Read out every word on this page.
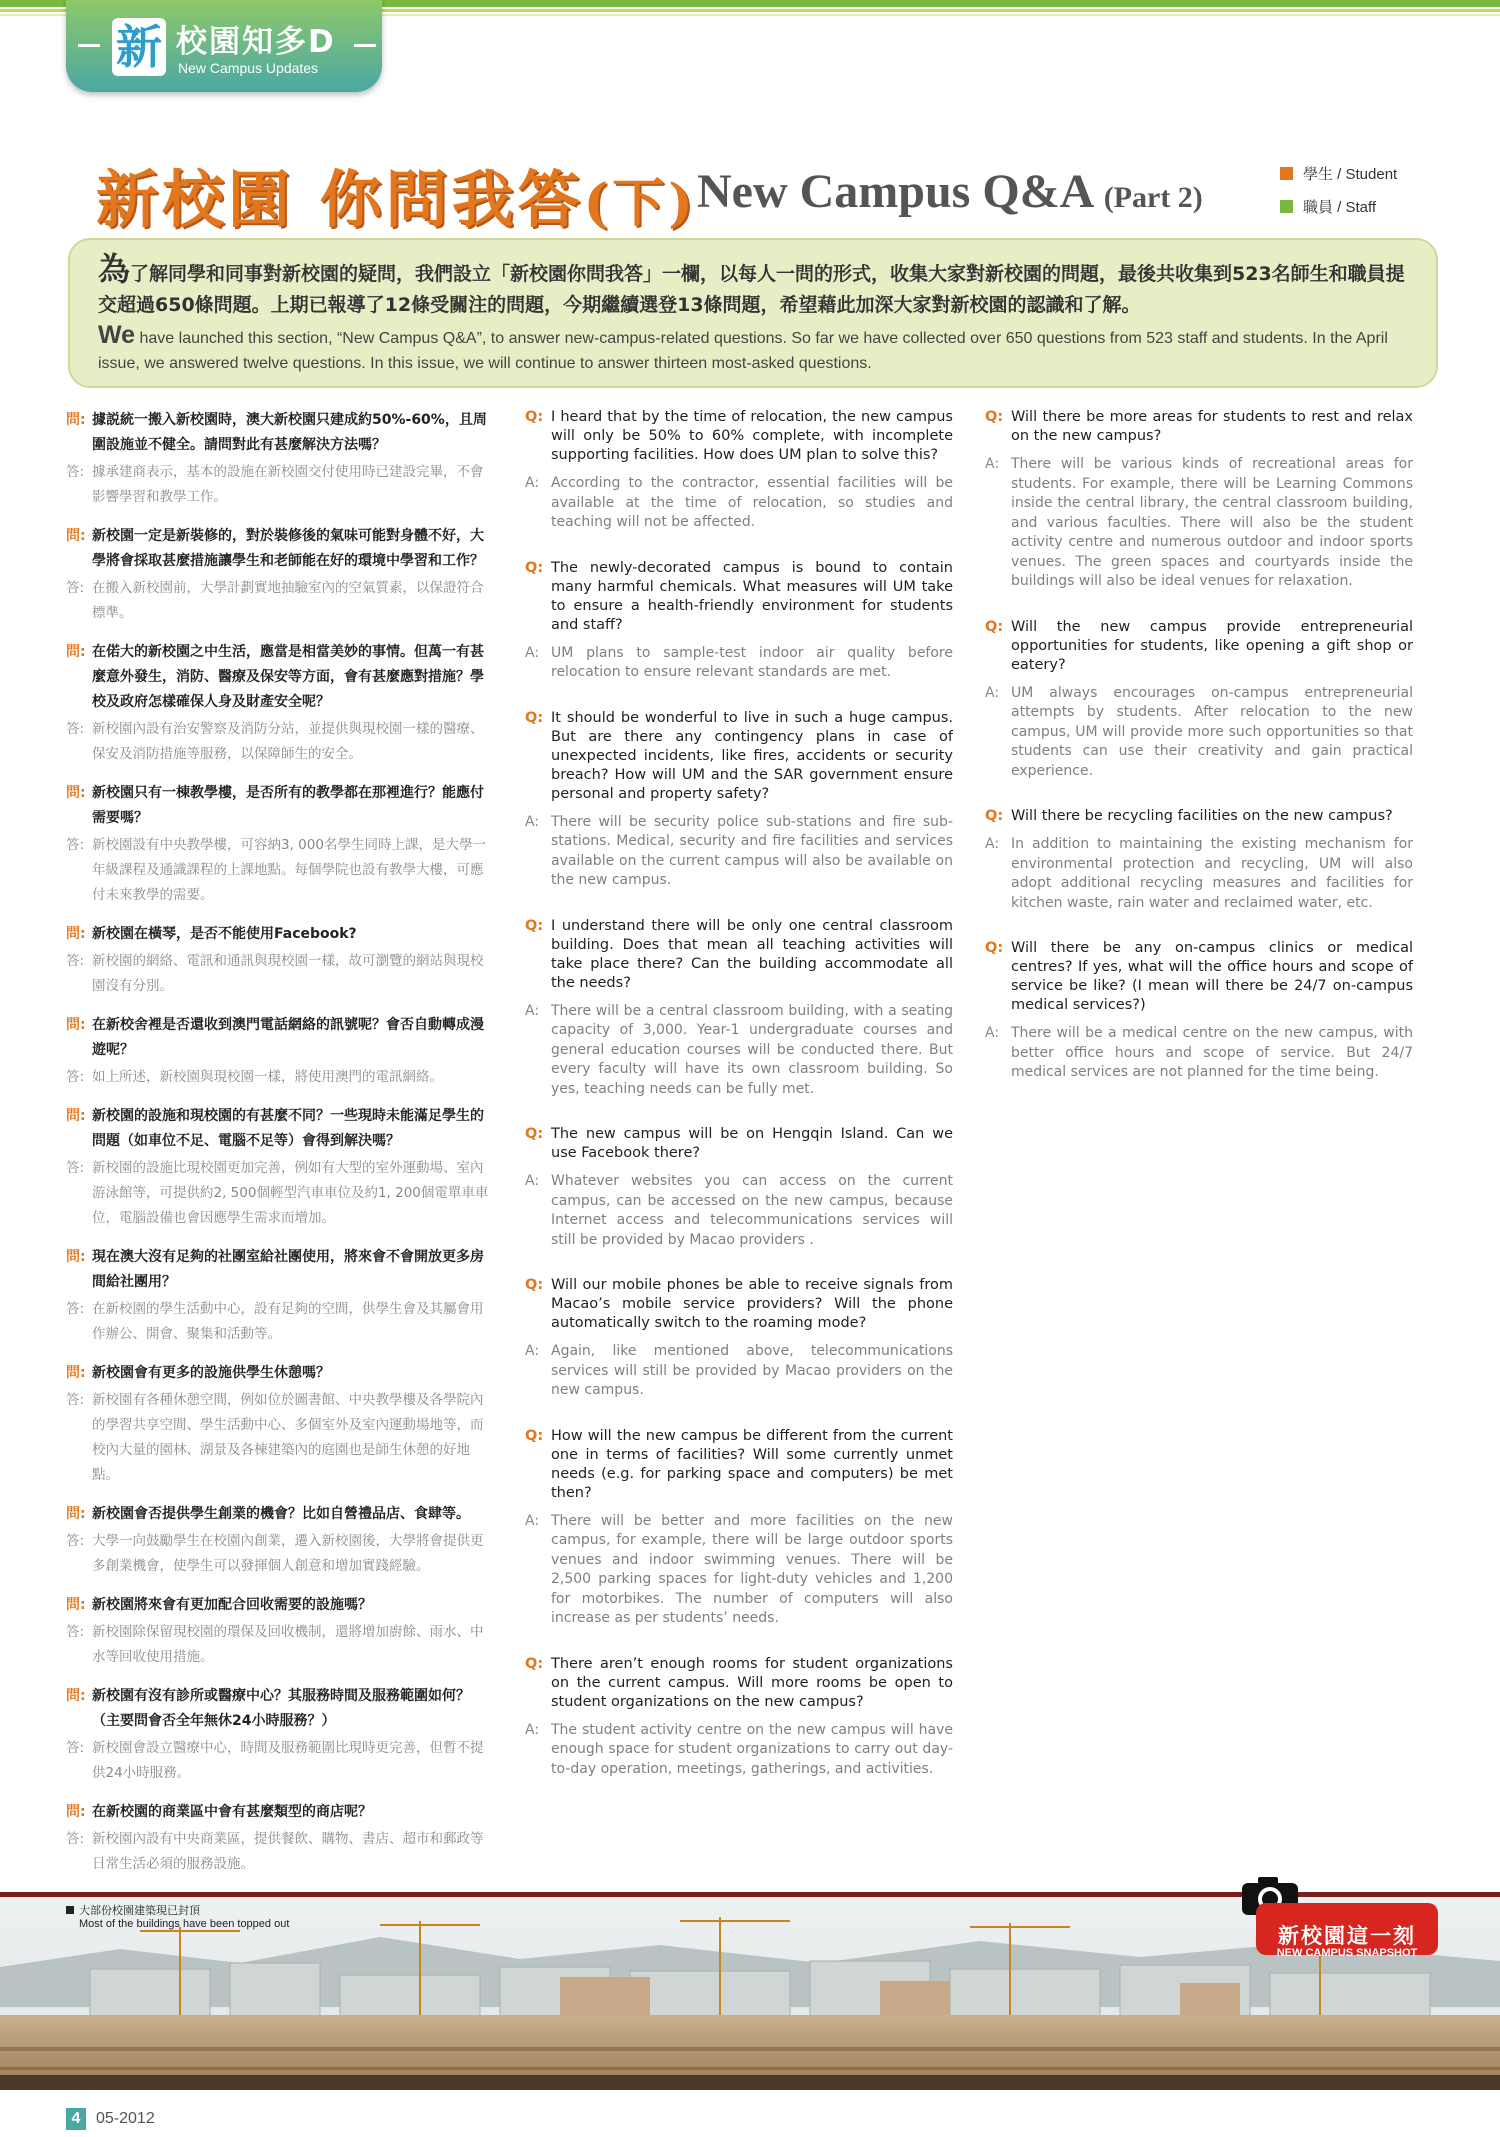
新 校園知多D
New Campus Updates
新校園 你問我答(下) New Campus Q&A (Part 2)
學生 / Student
職員 / Staff

為了解同學和同事對新校園的疑問，我們設立「新校園你問我答」一欄，以每人一問的形式，收集大家對新校園的問題，最後共收集到523名師生和職員提交超過650條問題。上期已報導了12條受關注的問題，今期繼續選登13條問題，希望藉此加深大家對新校園的認識和了解。

We have launched this section, “New Campus Q&A”, to answer new-campus-related questions. So far we have collected over 650 questions from 523 staff and students. In the April issue, we answered twelve questions. In this issue, we will continue to answer thirteen most-asked questions.

問: 據説統一搬入新校園時，澳大新校園只建成約50%-60%，且周圍設施並不健全。請問對此有甚麼解決方法嗎？
答: 據承建商表示，基本的設施在新校園交付使用時已建設完畢，不會影響學習和教學工作。
問: 新校園一定是新裝修的，對於裝修後的氣味可能對身體不好，大學將會採取甚麼措施讓學生和老師能在好的環境中學習和工作？
答: 在搬入新校園前，大學計劃實地抽驗室內的空氣質素，以保證符合標準。
問: 在偌大的新校園之中生活，應當是相當美妙的事情。但萬一有甚麼意外發生，消防、醫療及保安等方面，會有甚麼應對措施？學校及政府怎樣確保人身及財產安全呢？
答: 新校園內設有治安警察及消防分站，並提供與現校園一樣的醫療、保安及消防措施等服務，以保障師生的安全。
問: 新校園只有一棟教學樓，是否所有的教學都在那裡進行？能應付需要嗎？
答: 新校園設有中央教學樓，可容納3, 000名學生同時上課，是大學一年級課程及通識課程的上課地點。每個學院也設有教學大樓，可應付未來教學的需要。
問: 新校園在橫琴，是否不能使用Facebook?
答: 新校園的網絡、電訊和通訊與現校園一樣，故可瀏覽的網站與現校園沒有分別。
問: 在新校舍裡是否還收到澳門電話網絡的訊號呢？會否自動轉成漫遊呢？
答: 如上所述，新校園與現校園一樣，將使用澳門的電訊網絡。
問: 新校園的設施和現校園的有甚麼不同？一些現時未能滿足學生的問題（如車位不足、電腦不足等）會得到解決嗎？
答: 新校園的設施比現校園更加完善，例如有大型的室外運動場、室內游泳館等，可提供約2, 500個輕型汽車車位及約1, 200個電單車車位，電腦設備也會因應學生需求而增加。
問: 現在澳大沒有足夠的社團室給社團使用，將來會不會開放更多房間給社團用？
答: 在新校園的學生活動中心，設有足夠的空間，供學生會及其屬會用作辦公、開會、聚集和活動等。
問: 新校園會有更多的設施供學生休憩嗎？
答: 新校園有各種休憩空間，例如位於圖書館、中央教學樓及各學院內的學習共享空間、學生活動中心、多個室外及室內運動場地等，而校內大量的園林、湖景及各棟建築內的庭園也是師生休憩的好地點。
問: 新校園會否提供學生創業的機會？比如自營禮品店、食肆等。
答: 大學一向鼓勵學生在校園內創業，遷入新校園後，大學將會提供更多創業機會，使學生可以發揮個人創意和增加實踐經驗。
問: 新校園將來會有更加配合回收需要的設施嗎？
答: 新校園除保留現校園的環保及回收機制，還將增加廚餘、雨水、中水等回收使用措施。
問: 新校園有沒有診所或醫療中心？其服務時間及服務範圍如何？（主要問會否全年無休24小時服務？）
答: 新校園會設立醫療中心，時間及服務範圍比現時更完善，但暫不提供24小時服務。
問: 在新校園的商業區中會有甚麼類型的商店呢？
答: 新校園內設有中央商業區，提供餐飲、購物、書店、超市和郵政等日常生活必須的服務設施。
Q: I heard that by the time of relocation, the new campus will only be 50% to 60% complete, with incomplete supporting facilities. How does UM plan to solve this?
A: According to the contractor, essential facilities will be available at the time of relocation, so studies and teaching will not be affected.
Q: The newly-decorated campus is bound to contain many harmful chemicals. What measures will UM take to ensure a health-friendly environment for students and staff?
A: UM plans to sample-test indoor air quality before relocation to ensure relevant standards are met.
Q: It should be wonderful to live in such a huge campus. But are there any contingency plans in case of unexpected incidents, like fires, accidents or security breach? How will UM and the SAR government ensure personal and property safety?
A: There will be security police sub-stations and fire sub-stations. Medical, security and fire facilities and services available on the current campus will also be available on the new campus.
Q: I understand there will be only one central classroom building. Does that mean all teaching activities will take place there? Can the building accommodate all the needs?
A: There will be a central classroom building, with a seating capacity of 3,000. Year-1 undergraduate courses and general education courses will be conducted there. But every faculty will have its own classroom building. So yes, teaching needs can be fully met.
Q: The new campus will be on Hengqin Island. Can we use Facebook there?
A: Whatever websites you can access on the current campus, can be accessed on the new campus, because Internet access and telecommunications services will still be provided by Macao providers .
Q: Will our mobile phones be able to receive signals from Macao’s mobile service providers? Will the phone automatically switch to the roaming mode?
A: Again, like mentioned above, telecommunications services will still be provided by Macao providers on the new campus.
Q: How will the new campus be different from the current one in terms of facilities? Will some currently unmet needs (e.g. for parking space and computers) be met then?
A: There will be better and more facilities on the new campus, for example, there will be large outdoor sports venues and indoor swimming venues. There will be 2,500 parking spaces for light-duty vehicles and 1,200 for motorbikes. The number of computers will also increase as per students’ needs.
Q: There aren’t enough rooms for student organizations on the current campus. Will more rooms be open to student organizations on the new campus?
A: The student activity centre on the new campus will have enough space for student organizations to carry out day-to-day operation, meetings, gatherings, and activities.
Q: Will there be more areas for students to rest and relax on the new campus?
A: There will be various kinds of recreational areas for students. For example, there will be Learning Commons inside the central library, the central classroom building, and various faculties. There will also be the student activity centre and numerous outdoor and indoor sports venues. The green spaces and courtyards inside the buildings will also be ideal venues for relaxation.
Q: Will the new campus provide entrepreneurial opportunities for students, like opening a gift shop or eatery?
A: UM always encourages on-campus entrepreneurial attempts by students. After relocation to the new campus, UM will provide more such opportunities so that students can use their creativity and gain practical experience.
Q: Will there be recycling facilities on the new campus?
A: In addition to maintaining the existing mechanism for environmental protection and recycling, UM will also adopt additional recycling measures and facilities for kitchen waste, rain water and reclaimed water, etc.
Q: Will there be any on-campus clinics or medical centres? If yes, what will the office hours and scope of service be like? (I mean will there be 24/7 on-campus medical services?)
A: There will be a medical centre on the new campus, with better office hours and scope of service. But 24/7 medical services are not planned for the time being.
大部份校園建築現已封頂
Most of the buildings have been topped out	新校園這一刻
NEW CAMPUS SNAPSHOT
4 05-2012
